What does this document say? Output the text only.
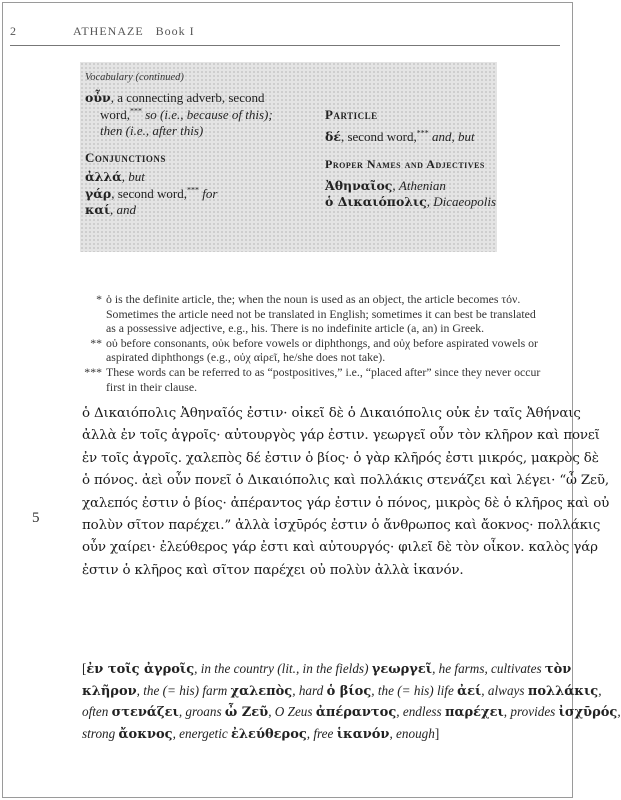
2	ATHENAZE   Book I
Vocabulary (continued)

οὖν, a connecting adverb, second

word,*** so (i.e., because of this);

then (i.e., after this)

Conjunctions

ἀλλά, but

γάρ, second word,*** for

καί, and

Particle

δέ, second word,*** and, but

Proper Names and Adjectives

Ἀθηναῖος, Athenian

ὁ Δικαιόπολις, Dicaeopolis

* ὁ is the definite article, the; when the noun is used as an object, the article becomes τόν.
Sometimes the article need not be translated in English; sometimes it can best be translated
as a possessive adjective, e.g., his. There is no indefinite article (a, an) in Greek.
** οὐ before consonants, οὐκ before vowels or diphthongs, and οὐχ before aspirated vowels or
aspirated diphthongs (e.g., οὐχ αἱρεῖ, he/she does not take).
*** These words can be referred to as “postpositives,” i.e., “placed after” since they never occur
first in their clause.
5

ὁ Δικαιόπολις Ἀθηναῖός ἐστιν· οἰκεῖ δὲ ὁ Δικαιόπολις οὐκ ἐν ταῖς Ἀθήναις

ἀλλὰ ἐν τοῖς ἀγροῖς· αὐτουργὸς γάρ ἐστιν. γεωργεῖ οὖν τὸν κλῆρον καὶ πονεῖ

ἐν τοῖς ἀγροῖς. χαλεπὸς δέ ἐστιν ὁ βίος· ὁ γὰρ κλῆρός ἐστι μικρός, μακρὸς δὲ

ὁ πόνος. ἀεὶ οὖν πονεῖ ὁ Δικαιόπολις καὶ πολλάκις στενάζει καὶ λέγει· “ὦ Ζεῦ,

χαλεπός ἐστιν ὁ βίος· ἀπέραντος γάρ ἐστιν ὁ πόνος, μικρὸς δὲ ὁ κλῆρος καὶ οὐ

πολὺν σῖτον παρέχει.” ἀλλὰ ἰσχῡρός ἐστιν ὁ ἄνθρωπος καὶ ἄοκνος· πολλάκις

οὖν χαίρει· ἐλεύθερος γάρ ἐστι καὶ αὐτουργός· φιλεῖ δὲ τὸν οἶκον. καλὸς γάρ

ἐστιν ὁ κλῆρος καὶ σῖτον παρέχει οὐ πολὺν ἀλλὰ ἱκανόν.

[ἐν τοῖς ἀγροῖς, in the country (lit., in the fields) γεωργεῖ, he farms, cultivates τὸν

κλῆρον, the (= his) farm χαλεπὸς, hard ὁ βίος, the (= his) life ἀεί, always πολλάκις,

often στενάζει, groans ὦ Ζεῦ, O Zeus ἀπέραντος, endless παρέχει, provides ἰσχῡρός,

strong ἄοκνος, energetic ἐλεύθερος, free ἱκανόν, enough]
